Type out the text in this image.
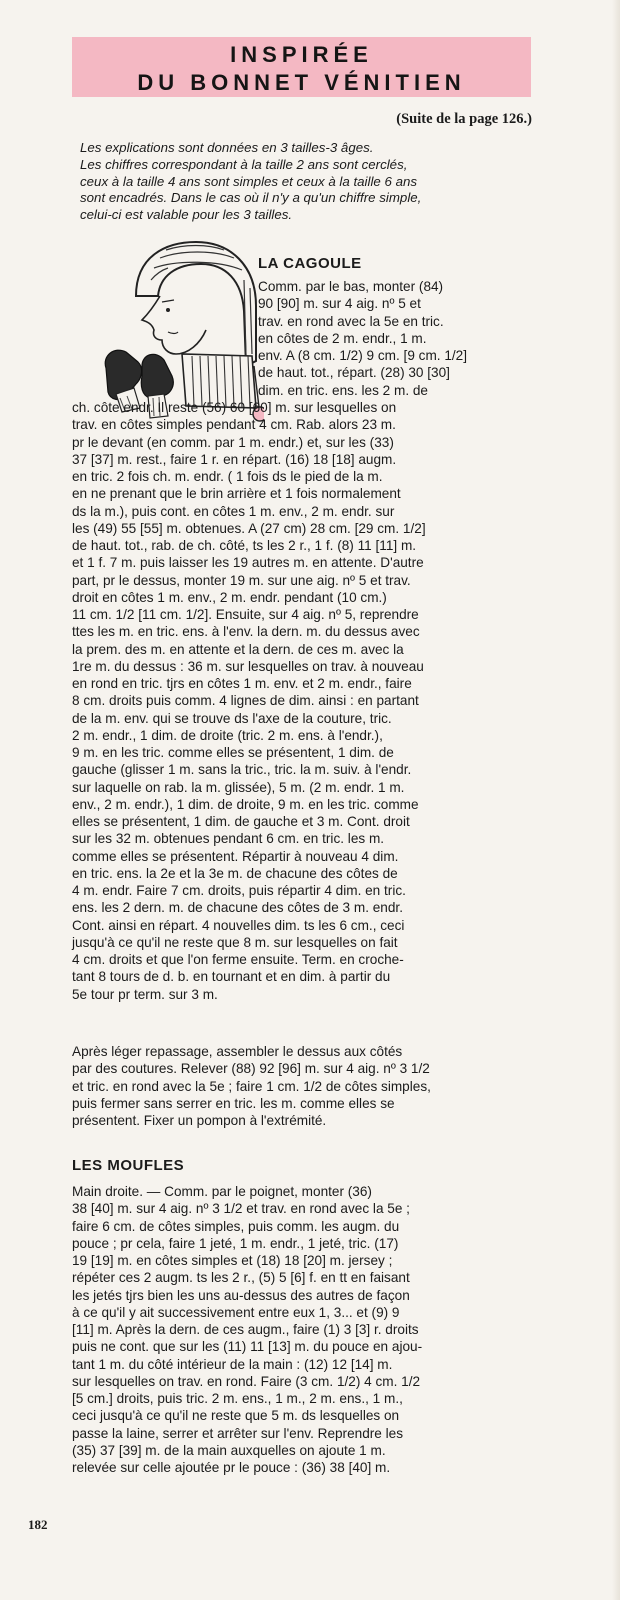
INSPIRÉE
DU BONNET VÉNITIEN
(Suite de la page 126.)
Les explications sont données en 3 tailles-3 âges.
Les chiffres correspondant à la taille 2 ans sont cerclés,
ceux à la taille 4 ans sont simples et ceux à la taille 6 ans
sont encadrés. Dans le cas où il n'y a qu'un chiffre simple,
celui-ci est valable pour les 3 tailles.
LA CAGOULE
Comm. par le bas, monter (84)
90 [90] m. sur 4 aig. nº 5 et
trav. en rond avec la 5e en tric.
en côtes de 2 m. endr., 1 m.
env. A (8 cm. 1/2) 9 cm. [9 cm. 1/2]
de haut. tot., répart. (28) 30 [30]
dim. en tric. ens. les 2 m. de
ch. côte endr. Il reste (56) 60 [60] m. sur lesquelles on
trav. en côtes simples pendant 4 cm. Rab. alors 23 m.
pr le devant (en comm. par 1 m. endr.) et, sur les (33)
37 [37] m. rest., faire 1 r. en répart. (16) 18 [18] augm.
en tric. 2 fois ch. m. endr. ( 1 fois ds le pied de la m.
en ne prenant que le brin arrière et 1 fois normalement
ds la m.), puis cont. en côtes 1 m. env., 2 m. endr. sur
les (49) 55 [55] m. obtenues. A (27 cm) 28 cm. [29 cm. 1/2]
de haut. tot., rab. de ch. côté, ts les 2 r., 1 f. (8) 11 [11] m.
et 1 f. 7 m. puis laisser les 19 autres m. en attente. D'autre
part, pr le dessus, monter 19 m. sur une aig. nº 5 et trav.
droit en côtes 1 m. env., 2 m. endr. pendant (10 cm.)
11 cm. 1/2 [11 cm. 1/2]. Ensuite, sur 4 aig. nº 5, reprendre
ttes les m. en tric. ens. à l'env. la dern. m. du dessus avec
la prem. des m. en attente et la dern. de ces m. avec la
1re m. du dessus : 36 m. sur lesquelles on trav. à nouveau
en rond en tric. tjrs en côtes 1 m. env. et 2 m. endr., faire
8 cm. droits puis comm. 4 lignes de dim. ainsi : en partant
de la m. env. qui se trouve ds l'axe de la couture, tric.
2 m. endr., 1 dim. de droite (tric. 2 m. ens. à l'endr.),
9 m. en les tric. comme elles se présentent, 1 dim. de
gauche (glisser 1 m. sans la tric., tric. la m. suiv. à l'endr.
sur laquelle on rab. la m. glissée), 5 m. (2 m. endr. 1 m.
env., 2 m. endr.), 1 dim. de droite, 9 m. en les tric. comme
elles se présentent, 1 dim. de gauche et 3 m. Cont. droit
sur les 32 m. obtenues pendant 6 cm. en tric. les m.
comme elles se présentent. Répartir à nouveau 4 dim.
en tric. ens. la 2e et la 3e m. de chacune des côtes de
4 m. endr. Faire 7 cm. droits, puis répartir 4 dim. en tric.
ens. les 2 dern. m. de chacune des côtes de 3 m. endr.
Cont. ainsi en répart. 4 nouvelles dim. ts les 6 cm., ceci
jusqu'à ce qu'il ne reste que 8 m. sur lesquelles on fait
4 cm. droits et que l'on ferme ensuite. Term. en croche-
tant 8 tours de d. b. en tournant et en dim. à partir du
5e tour pr term. sur 3 m.
Après léger repassage, assembler le dessus aux côtés
par des coutures. Relever (88) 92 [96] m. sur 4 aig. nº 3 1/2
et tric. en rond avec la 5e ; faire 1 cm. 1/2 de côtes simples,
puis fermer sans serrer en tric. les m. comme elles se
présentent. Fixer un pompon à l'extrémité.
LES MOUFLES
Main droite. — Comm. par le poignet, monter (36)
38 [40] m. sur 4 aig. nº 3 1/2 et trav. en rond avec la 5e ;
faire 6 cm. de côtes simples, puis comm. les augm. du
pouce ; pr cela, faire 1 jeté, 1 m. endr., 1 jeté, tric. (17)
19 [19] m. en côtes simples et (18) 18 [20] m. jersey ;
répéter ces 2 augm. ts les 2 r., (5) 5 [6] f. en tt en faisant
les jetés tjrs bien les uns au-dessus des autres de façon
à ce qu'il y ait successivement entre eux 1, 3... et (9) 9
[11] m. Après la dern. de ces augm., faire (1) 3 [3] r. droits
puis ne cont. que sur les (11) 11 [13] m. du pouce en ajou-
tant 1 m. du côté intérieur de la main : (12) 12 [14] m.
sur lesquelles on trav. en rond. Faire (3 cm. 1/2) 4 cm. 1/2
[5 cm.] droits, puis tric. 2 m. ens., 1 m., 2 m. ens., 1 m.,
ceci jusqu'à ce qu'il ne reste que 5 m. ds lesquelles on
passe la laine, serrer et arrêter sur l'env. Reprendre les
(35) 37 [39] m. de la main auxquelles on ajoute 1 m.
relevée sur celle ajoutée pr le pouce : (36) 38 [40] m.
182
